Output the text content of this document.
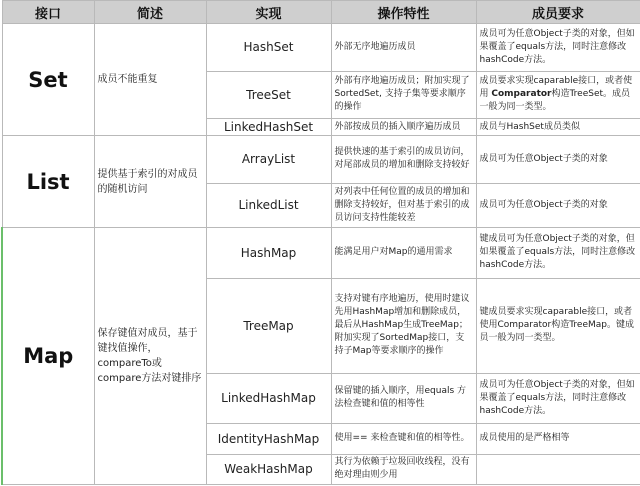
接口	简述	实现	操作特性	成员要求
Set	成员不能重复	HashSet	外部无序地遍历成员	成员可为任意Object子类的对象，但如果覆盖了equals方法，同时注意修改hashCode方法。
		TreeSet	外部有序地遍历成员；附加实现了SortedSet, 支持子集等要求顺序的操作	成员要求实现caparable接口，或者使用 Comparator构造TreeSet。成员一般为同一类型。
		LinkedHashSet	外部按成员的插入顺序遍历成员	成员与HashSet成员类似
List	提供基于索引的对成员的随机访问	ArrayList	提供快速的基于索引的成员访问，对尾部成员的增加和删除支持较好	成员可为任意Object子类的对象
		LinkedList	对列表中任何位置的成员的增加和删除支持较好，但对基于索引的成员访问支持性能较差	成员可为任意Object子类的对象
Map	保存键值对成员，基于键找值操作，compareTo或compare方法对键排序	HashMap	能满足用户对Map的通用需求	键成员可为任意Object子类的对象，但如果覆盖了equals方法，同时注意修改hashCode方法。
		TreeMap	支持对键有序地遍历，使用时建议先用HashMap增加和删除成员，最后从HashMap生成TreeMap；附加实现了SortedMap接口，支持子Map等要求顺序的操作	键成员要求实现caparable接口，或者使用Comparator构造TreeMap。键成员一般为同一类型。
		LinkedHashMap	保留键的插入顺序，用equals 方法检查键和值的相等性	成员可为任意Object子类的对象，但如果覆盖了equals方法，同时注意修改hashCode方法。
		IdentityHashMap	使用== 来检查键和值的相等性。	成员使用的是严格相等
		WeakHashMap	其行为依赖于垃圾回收线程，没有绝对理由则少用	
